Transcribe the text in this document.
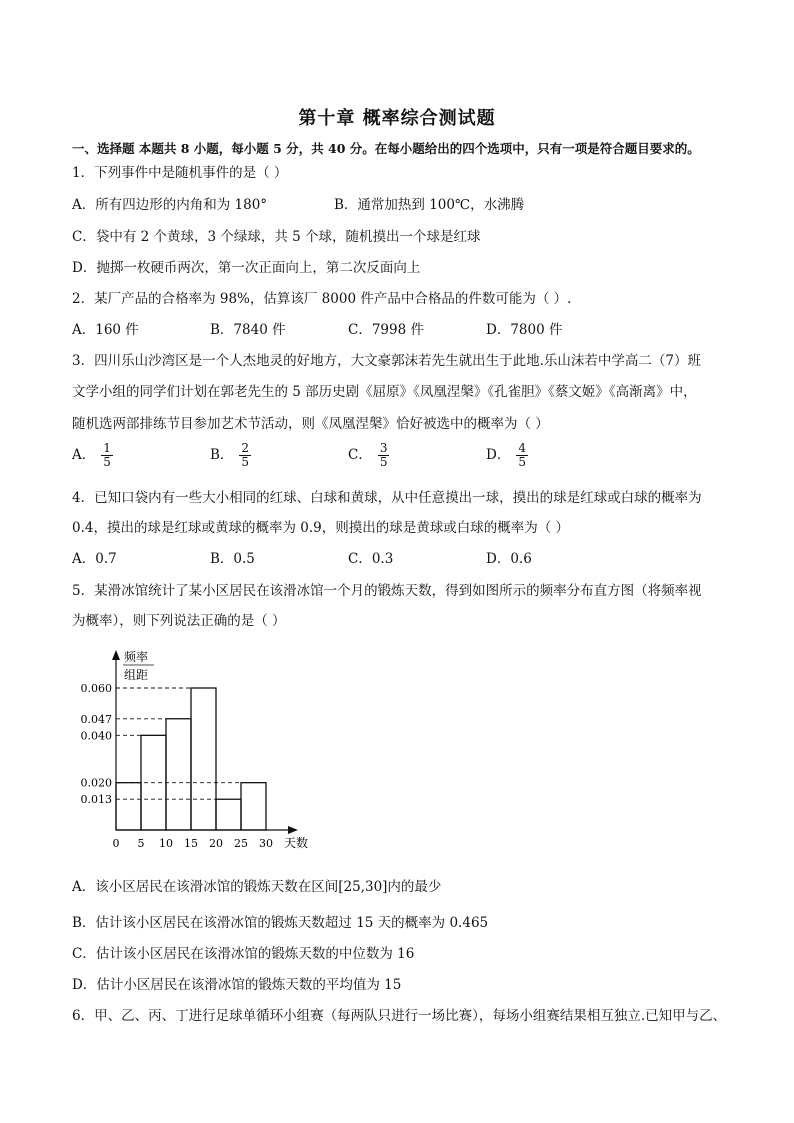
第十章 概率综合测试题
一、选择题 本题共 8 小题，每小题 5 分，共 40 分。在每小题给出的四个选项中，只有一项是符合题目要求的。
1．下列事件中是随机事件的是（ ）
A．所有四边形的内角和为 180°	B．通常加热到 100℃，水沸腾
C．袋中有 2 个黄球，3 个绿球，共 5 个球，随机摸出一个球是红球
D．抛掷一枚硬币两次，第一次正面向上，第二次反面向上
2．某厂产品的合格率为 98%，估算该厂 8000 件产品中合格品的件数可能为（ ）.
A．160 件	B．7840 件	C．7998 件	D．7800 件
3．四川乐山沙湾区是一个人杰地灵的好地方，大文豪郭沫若先生就出生于此地.乐山沫若中学高二（7）班
文学小组的同学们计划在郭老先生的 5 部历史剧《屈原》《凤凰涅槃》《孔雀胆》《蔡文姬》《高渐离》中，
随机选两部排练节目参加艺术节活动，则《凤凰涅槃》恰好被选中的概率为（ ）
A． $\frac{1}{5}$	B． $\frac{2}{5}$	C． $\frac{3}{5}$	D． $\frac{4}{5}$
4．已知口袋内有一些大小相同的红球、白球和黄球，从中任意摸出一球，摸出的球是红球或白球的概率为
0.4，摸出的球是红球或黄球的概率为 0.9，则摸出的球是黄球或白球的概率为（ ）
A．0.7	B．0.5	C．0.3	D．0.6
5．某滑冰馆统计了某小区居民在该滑冰馆一个月的锻炼天数，得到如图所示的频率分布直方图（将频率视
为概率），则下列说法正确的是（ ）
频率
组距
天数
0.060
0.047
0.040
0.020
0.013
0 5 10 15 20 25 30
A．该小区居民在该滑冰馆的锻炼天数在区间[25,30]内的最少
B．估计该小区居民在该滑冰馆的锻炼天数超过 15 天的概率为 0.465
C．估计该小区居民在该滑冰馆的锻炼天数的中位数为 16
D．估计小区居民在该滑冰馆的锻炼天数的平均值为 15
6．甲、乙、丙、丁进行足球单循环小组赛（每两队只进行一场比赛），每场小组赛结果相互独立.已知甲与乙、
